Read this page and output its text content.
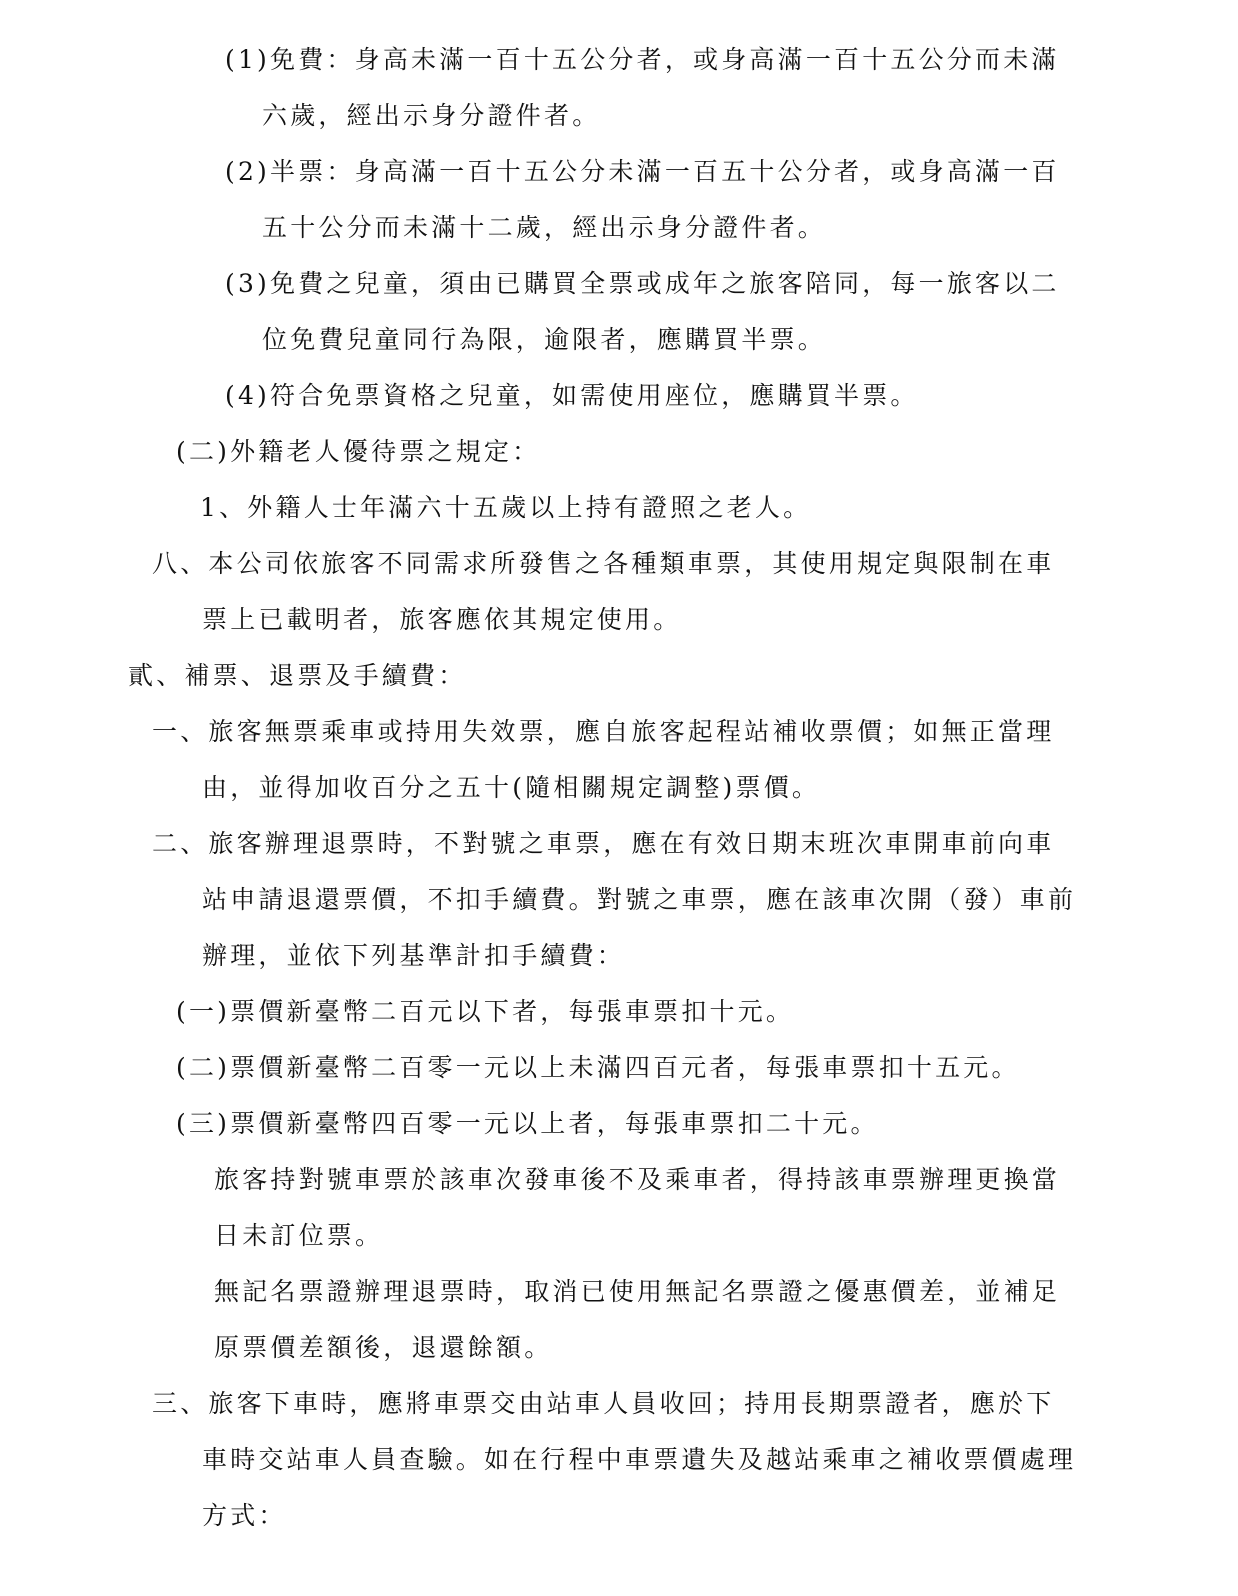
(1)免費：身高未滿一百十五公分者，或身高滿一百十五公分而未滿
六歲，經出示身分證件者。
(2)半票：身高滿一百十五公分未滿一百五十公分者，或身高滿一百
五十公分而未滿十二歲，經出示身分證件者。
(3)免費之兒童，須由已購買全票或成年之旅客陪同，每一旅客以二
位免費兒童同行為限，逾限者，應購買半票。
(4)符合免票資格之兒童，如需使用座位，應購買半票。
(二)外籍老人優待票之規定：
1、外籍人士年滿六十五歲以上持有證照之老人。
八、本公司依旅客不同需求所發售之各種類車票，其使用規定與限制在車
票上已載明者，旅客應依其規定使用。
貳、補票、退票及手續費：
一、旅客無票乘車或持用失效票，應自旅客起程站補收票價；如無正當理
由，並得加收百分之五十(隨相關規定調整)票價。
二、旅客辦理退票時，不對號之車票，應在有效日期末班次車開車前向車
站申請退還票價，不扣手續費。對號之車票，應在該車次開（發）車前
辦理，並依下列基準計扣手續費：
(一)票價新臺幣二百元以下者，每張車票扣十元。
(二)票價新臺幣二百零一元以上未滿四百元者，每張車票扣十五元。
(三)票價新臺幣四百零一元以上者，每張車票扣二十元。
旅客持對號車票於該車次發車後不及乘車者，得持該車票辦理更換當
日未訂位票。
無記名票證辦理退票時，取消已使用無記名票證之優惠價差，並補足
原票價差額後，退還餘額。
三、旅客下車時，應將車票交由站車人員收回；持用長期票證者，應於下
車時交站車人員查驗。如在行程中車票遺失及越站乘車之補收票價處理
方式：
